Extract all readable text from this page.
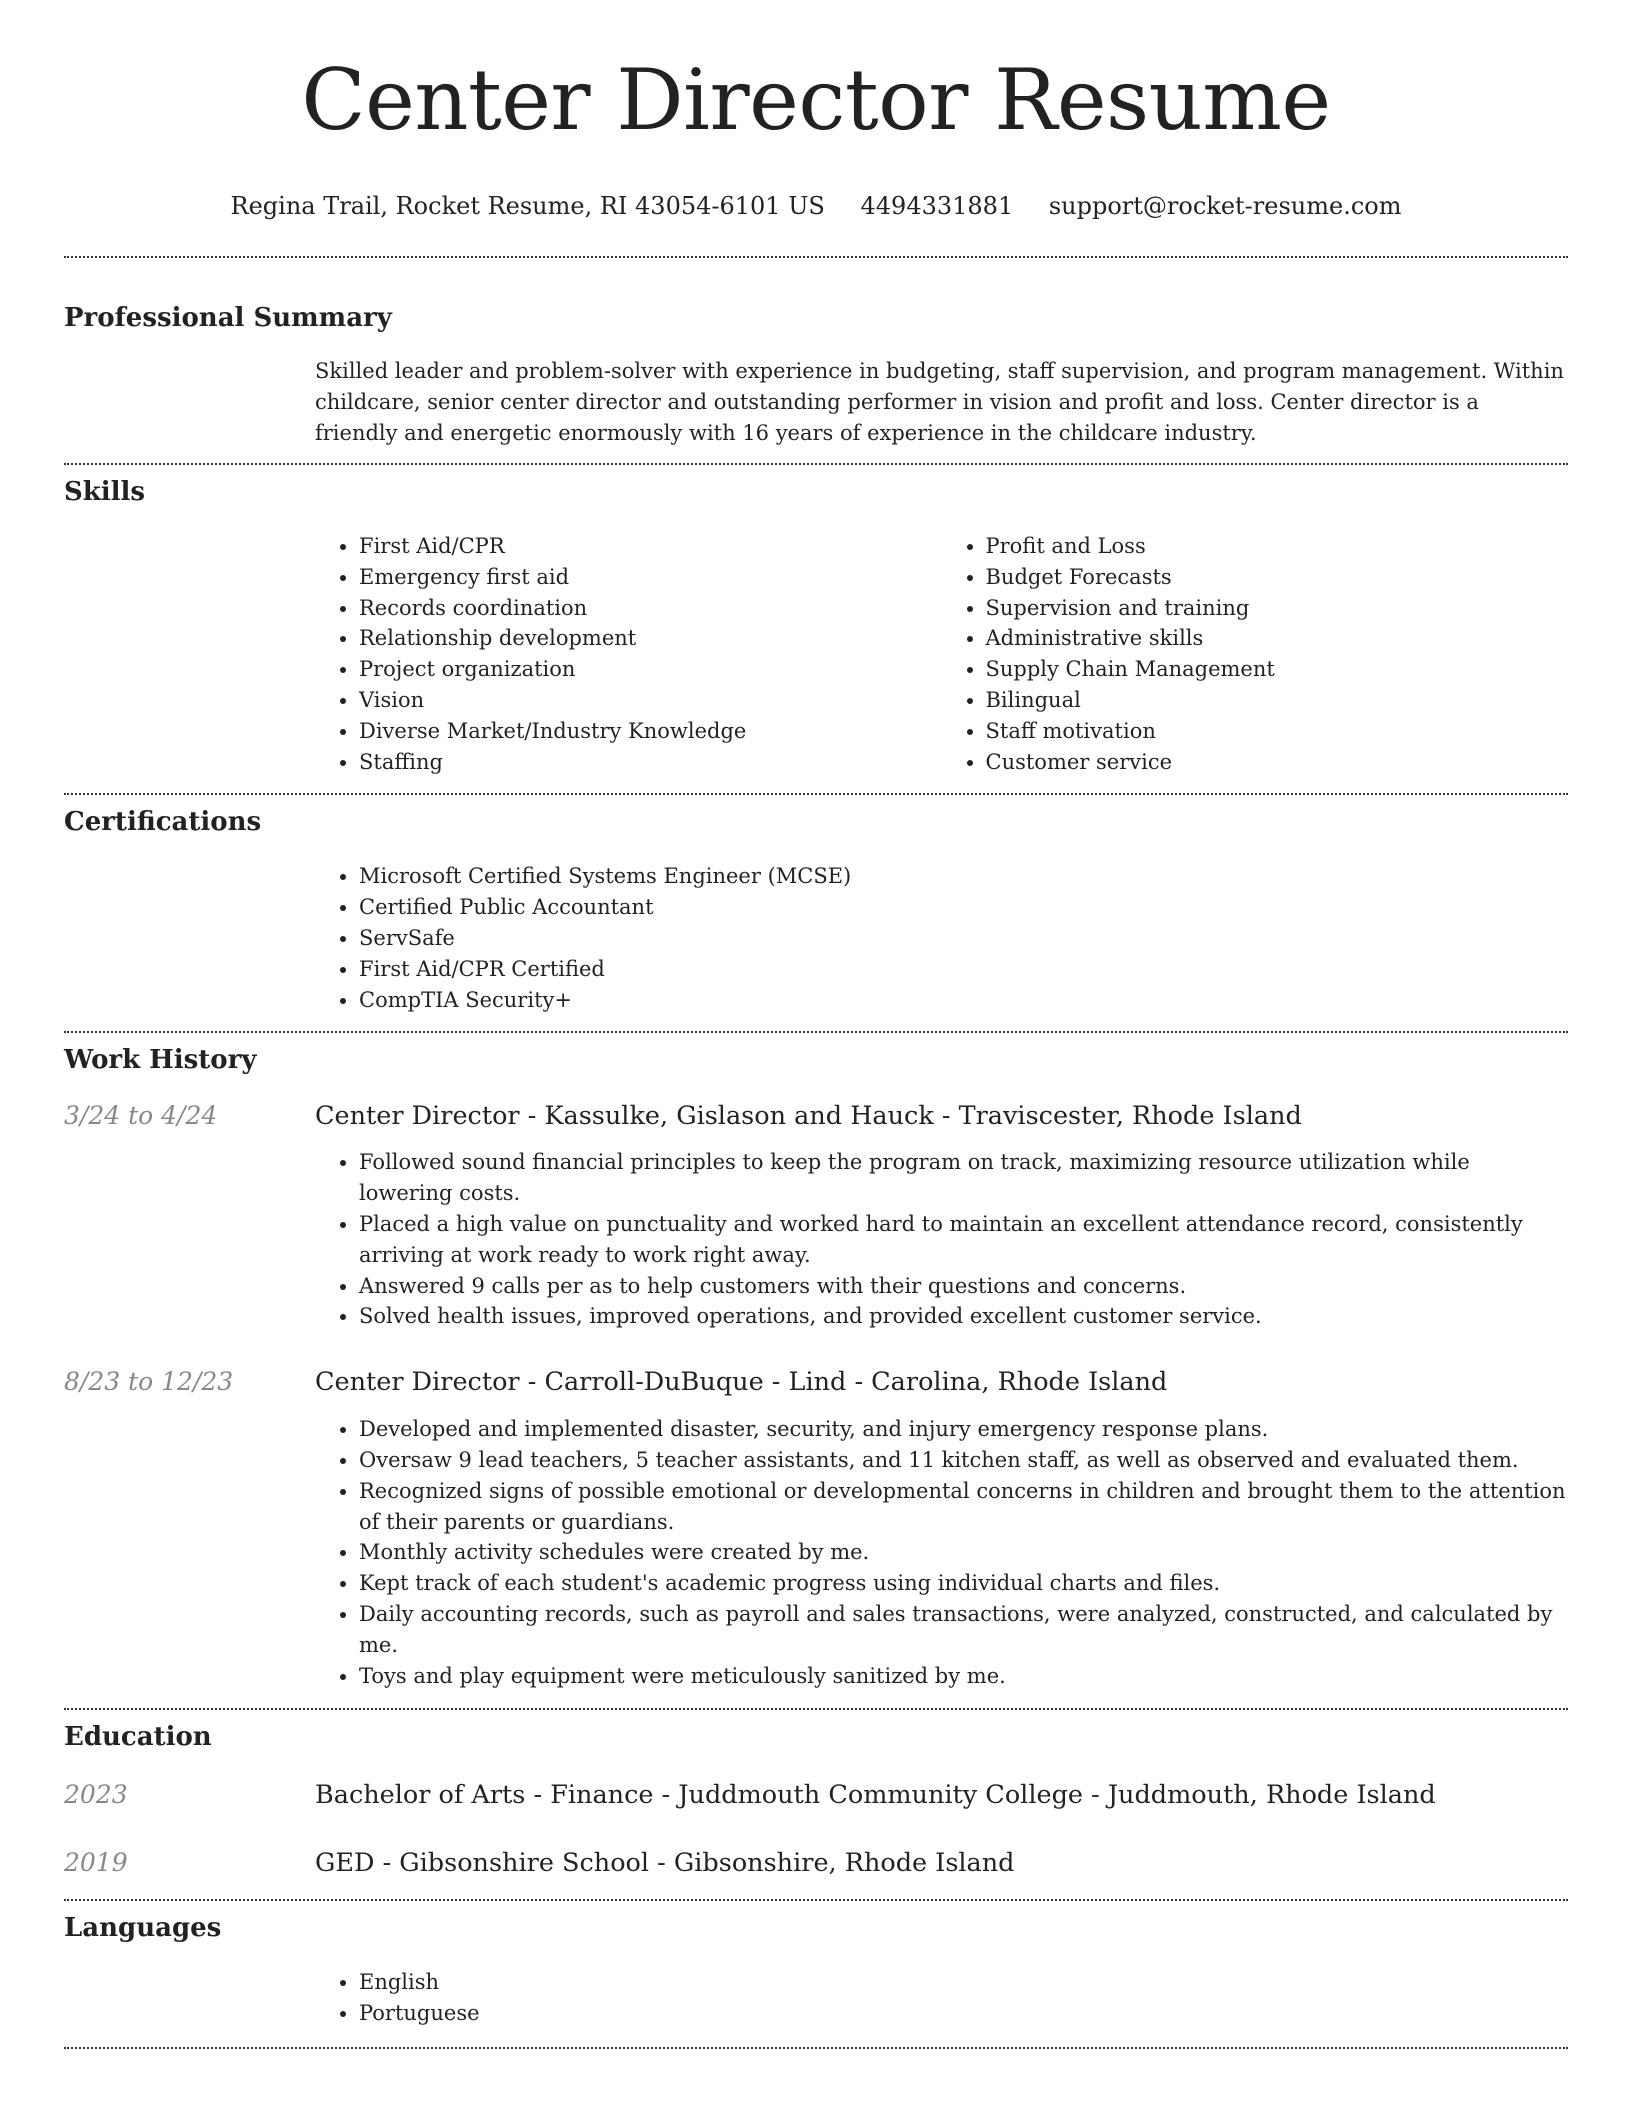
Center Director Resume
Regina Trail, Rocket Resume, RI 43054-6101 US 4494331881 support@rocket-resume.com
Professional Summary

Skilled leader and problem-solver with experience in budgeting, staff supervision, and program management. Within childcare, senior center director and outstanding performer in vision and profit and loss. Center director is a friendly and energetic enormously with 16 years of experience in the childcare industry.

Skills
• First Aid/CPR
• Emergency first aid
• Records coordination
• Relationship development
• Project organization
• Vision
• Diverse Market/Industry Knowledge
• Staffing
• Profit and Loss
• Budget Forecasts
• Supervision and training
• Administrative skills
• Supply Chain Management
• Bilingual
• Staff motivation
• Customer service
Certifications
• Microsoft Certified Systems Engineer (MCSE)
• Certified Public Accountant
• ServSafe
• First Aid/CPR Certified
• CompTIA Security+
Work History
3/24 to 4/24	Center Director - Kassulke, Gislason and Hauck - Traviscester, Rhode Island
• Followed sound financial principles to keep the program on track, maximizing resource utilization while lowering costs.
• Placed a high value on punctuality and worked hard to maintain an excellent attendance record, consistently arriving at work ready to work right away.
• Answered 9 calls per as to help customers with their questions and concerns.
• Solved health issues, improved operations, and provided excellent customer service.
8/23 to 12/23	Center Director - Carroll-DuBuque - Lind - Carolina, Rhode Island
• Developed and implemented disaster, security, and injury emergency response plans.
• Oversaw 9 lead teachers, 5 teacher assistants, and 11 kitchen staff, as well as observed and evaluated them.
• Recognized signs of possible emotional or developmental concerns in children and brought them to the attention of their parents or guardians.
• Monthly activity schedules were created by me.
• Kept track of each student's academic progress using individual charts and files.
• Daily accounting records, such as payroll and sales transactions, were analyzed, constructed, and calculated by me.
• Toys and play equipment were meticulously sanitized by me.
Education
2023	Bachelor of Arts - Finance - Juddmouth Community College - Juddmouth, Rhode Island
2019	GED - Gibsonshire School - Gibsonshire, Rhode Island
Languages
• English
• Portuguese
